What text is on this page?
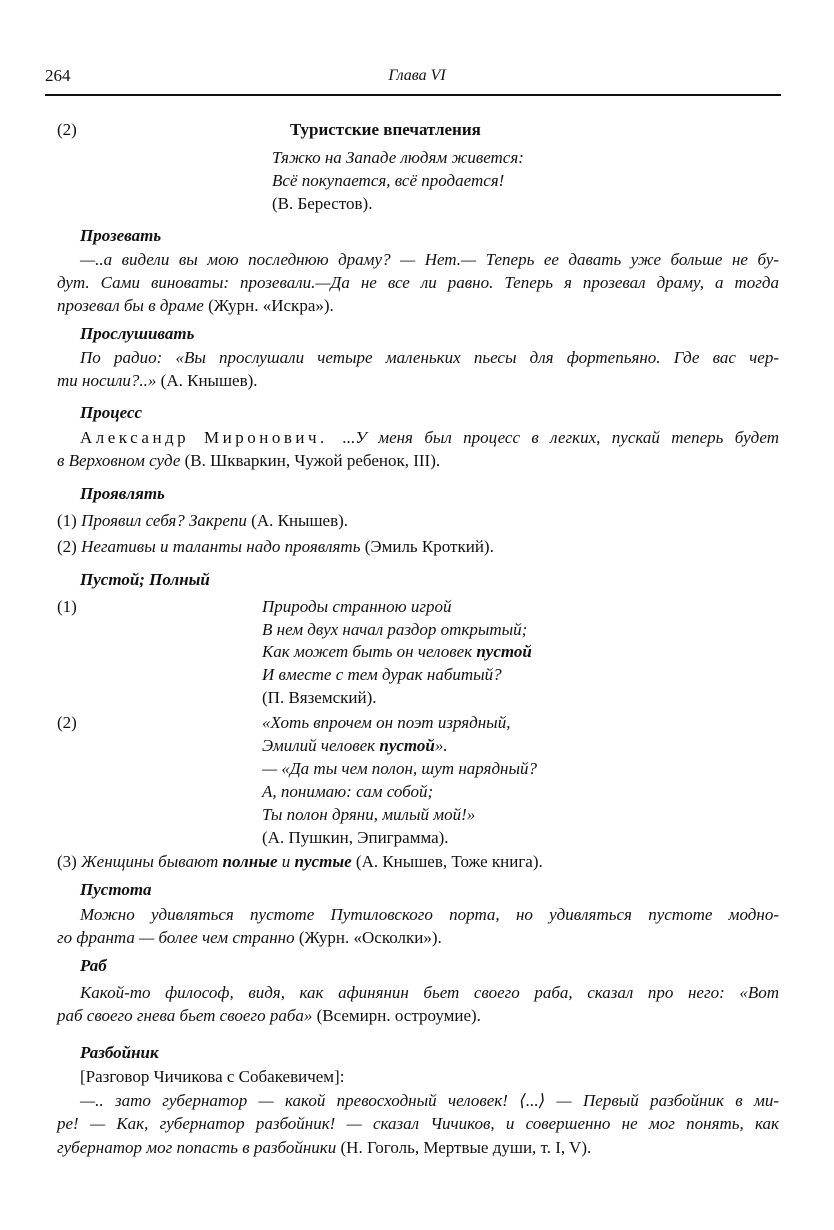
264	Глава VI
(2)	Туристские впечатления
Тяжко на Западе людям живется:
Всё покупается, всё продается!
(В. Берестов).
Прозевать
—..а видели вы мою последнюю драму? — Нет.— Теперь ее давать уже больше не бу-
дут. Сами виноваты: прозевали.—Да не все ли равно. Теперь я прозевал драму, а тогда
прозевал бы в драме (Журн. «Искра»).
Прослушивать
По радио: «Вы прослушали четыре маленьких пьесы для фортепьяно. Где вас чер-
ти носили?..» (А. Кнышев).
Процесс
Александр Миронович. ...У меня был процесс в легких, пускай теперь будет
в Верховном суде (В. Шкваркин, Чужой ребенок, III).
Проявлять
(1) Проявил себя? Закрепи (А. Кнышев).
(2) Негативы и таланты надо проявлять (Эмиль Кроткий).
Пустой; Полный
(1)	Природы странною игрой
В нем двух начал раздор открытый;
Как может быть он человек пустой
И вместе с тем дурак набитый?
(П. Вяземский).
(2)	«Хоть впрочем он поэт изрядный,
Эмилий человек пустой».
— «Да ты чем полон, шут нарядный?
А, понимаю: сам собой;
Ты полон дряни, милый мой!»
(А. Пушкин, Эпиграмма).
(3) Женщины бывают полные и пустые (А. Кнышев, Тоже книга).
Пустота
Можно удивляться пустоте Путиловского порта, но удивляться пустоте модно-
го франта — более чем странно (Журн. «Осколки»).
Раб
Какой-то философ, видя, как афинянин бьет своего раба, сказал про него: «Вот
раб своего гнева бьет своего раба» (Всемирн. остроумие).
Разбойник
[Разговор Чичикова с Собакевичем]:
—.. зато губернатор — какой превосходный человек! ⟨...⟩ — Первый разбойник в ми-
ре! — Как, губернатор разбойник! — сказал Чичиков, и совершенно не мог понять, как
губернатор мог попасть в разбойники (Н. Гоголь, Мертвые души, т. I, V).
